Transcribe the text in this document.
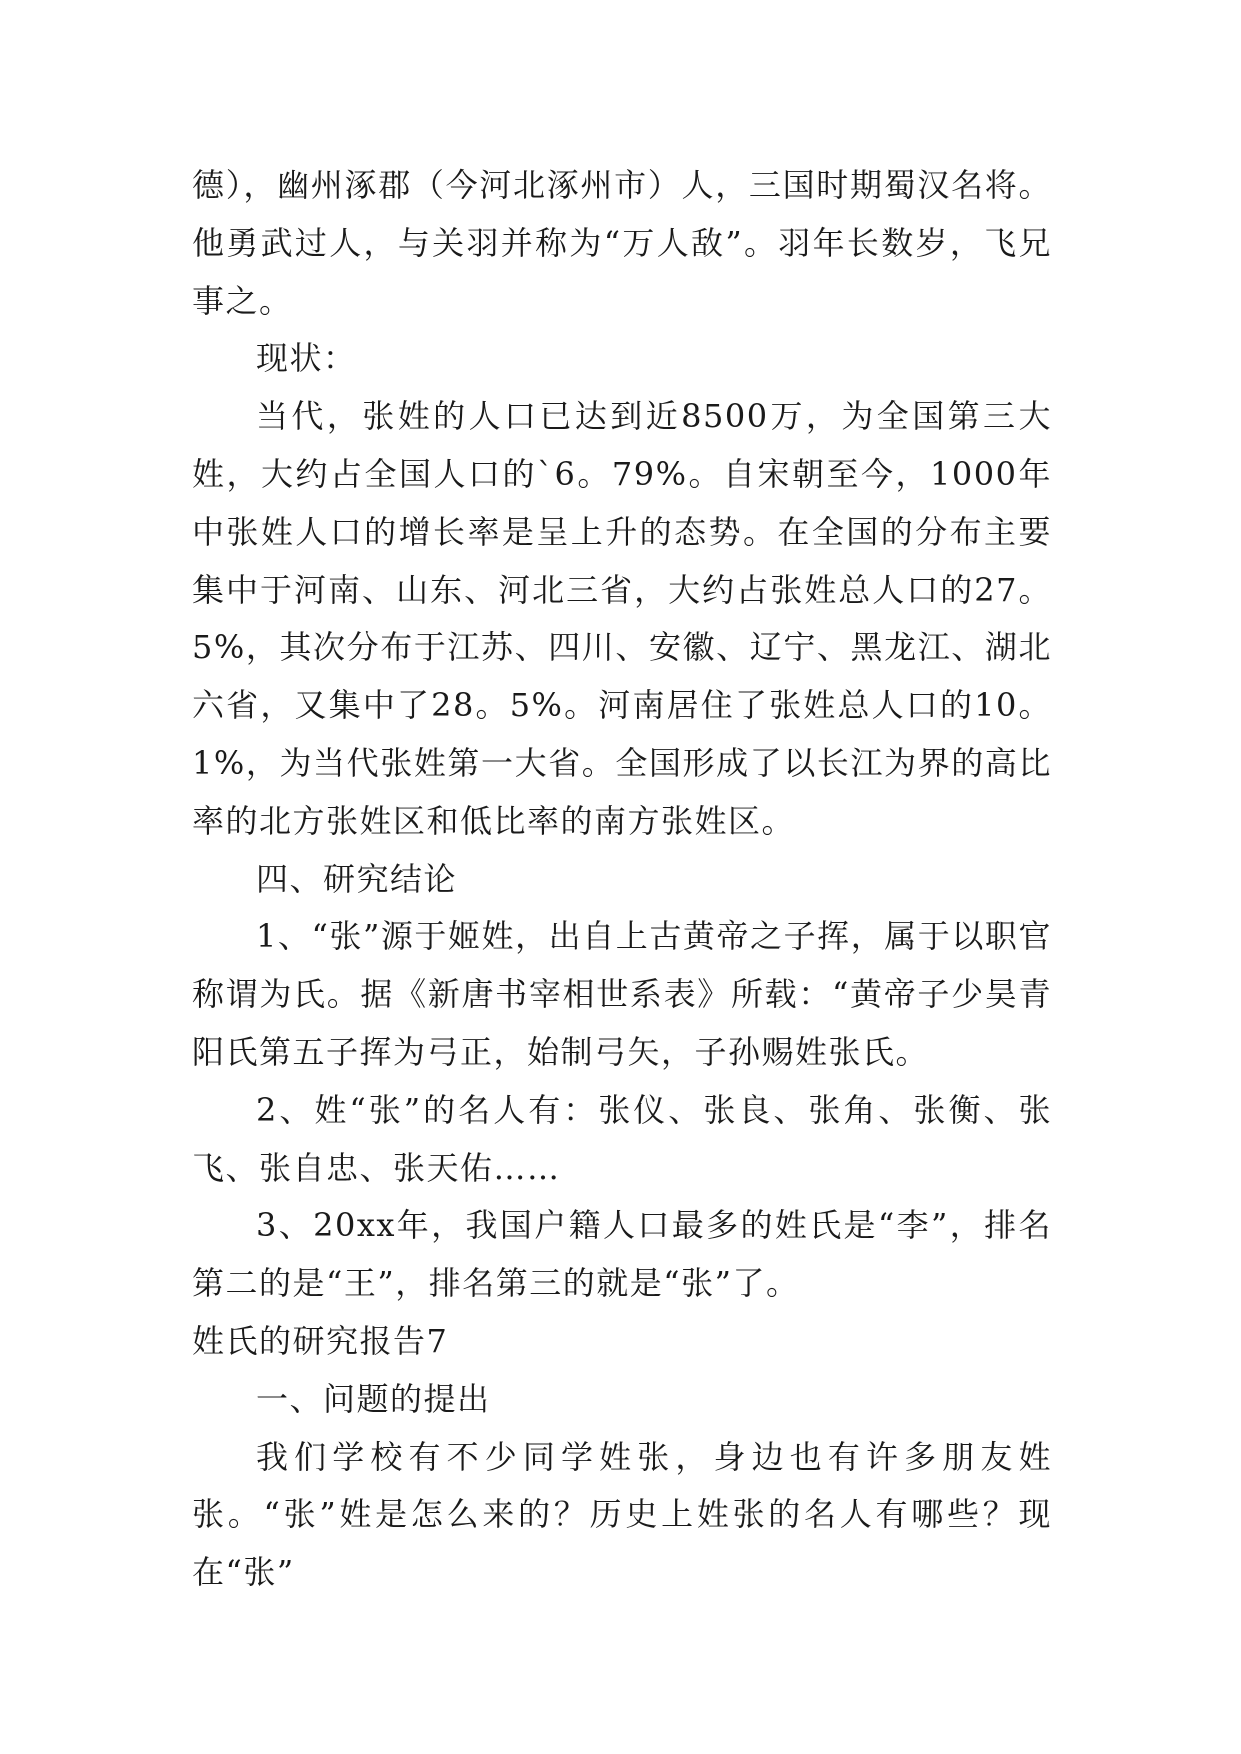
德），幽州涿郡（今河北涿州市）人，三国时期蜀汉名将。他勇武过人，与关羽并称为“万人敌”。羽年长数岁，飞兄事之。

现状：

当代，张姓的人口已达到近8500万，为全国第三大姓，大约占全国人口的`6。79%。自宋朝至今，1000年中张姓人口的增长率是呈上升的态势。在全国的分布主要集中于河南、山东、河北三省，大约占张姓总人口的27。5%，其次分布于江苏、四川、安徽、辽宁、黑龙江、湖北六省，又集中了28。5%。河南居住了张姓总人口的10。1%，为当代张姓第一大省。全国形成了以长江为界的高比率的北方张姓区和低比率的南方张姓区。

四、研究结论

1、“张”源于姬姓，出自上古黄帝之子挥，属于以职官称谓为氏。据《新唐书宰相世系表》所载：“黄帝子少昊青阳氏第五子挥为弓正，始制弓矢，子孙赐姓张氏。

2、姓“张”的名人有：张仪、张良、张角、张衡、张飞、张自忠、张天佑……

3、20xx年，我国户籍人口最多的姓氏是“李”，排名第二的是“王”，排名第三的就是“张”了。

姓氏的研究报告7

一、问题的提出

我们学校有不少同学姓张，身边也有许多朋友姓张。“张”姓是怎么来的？历史上姓张的名人有哪些？现在“张”
